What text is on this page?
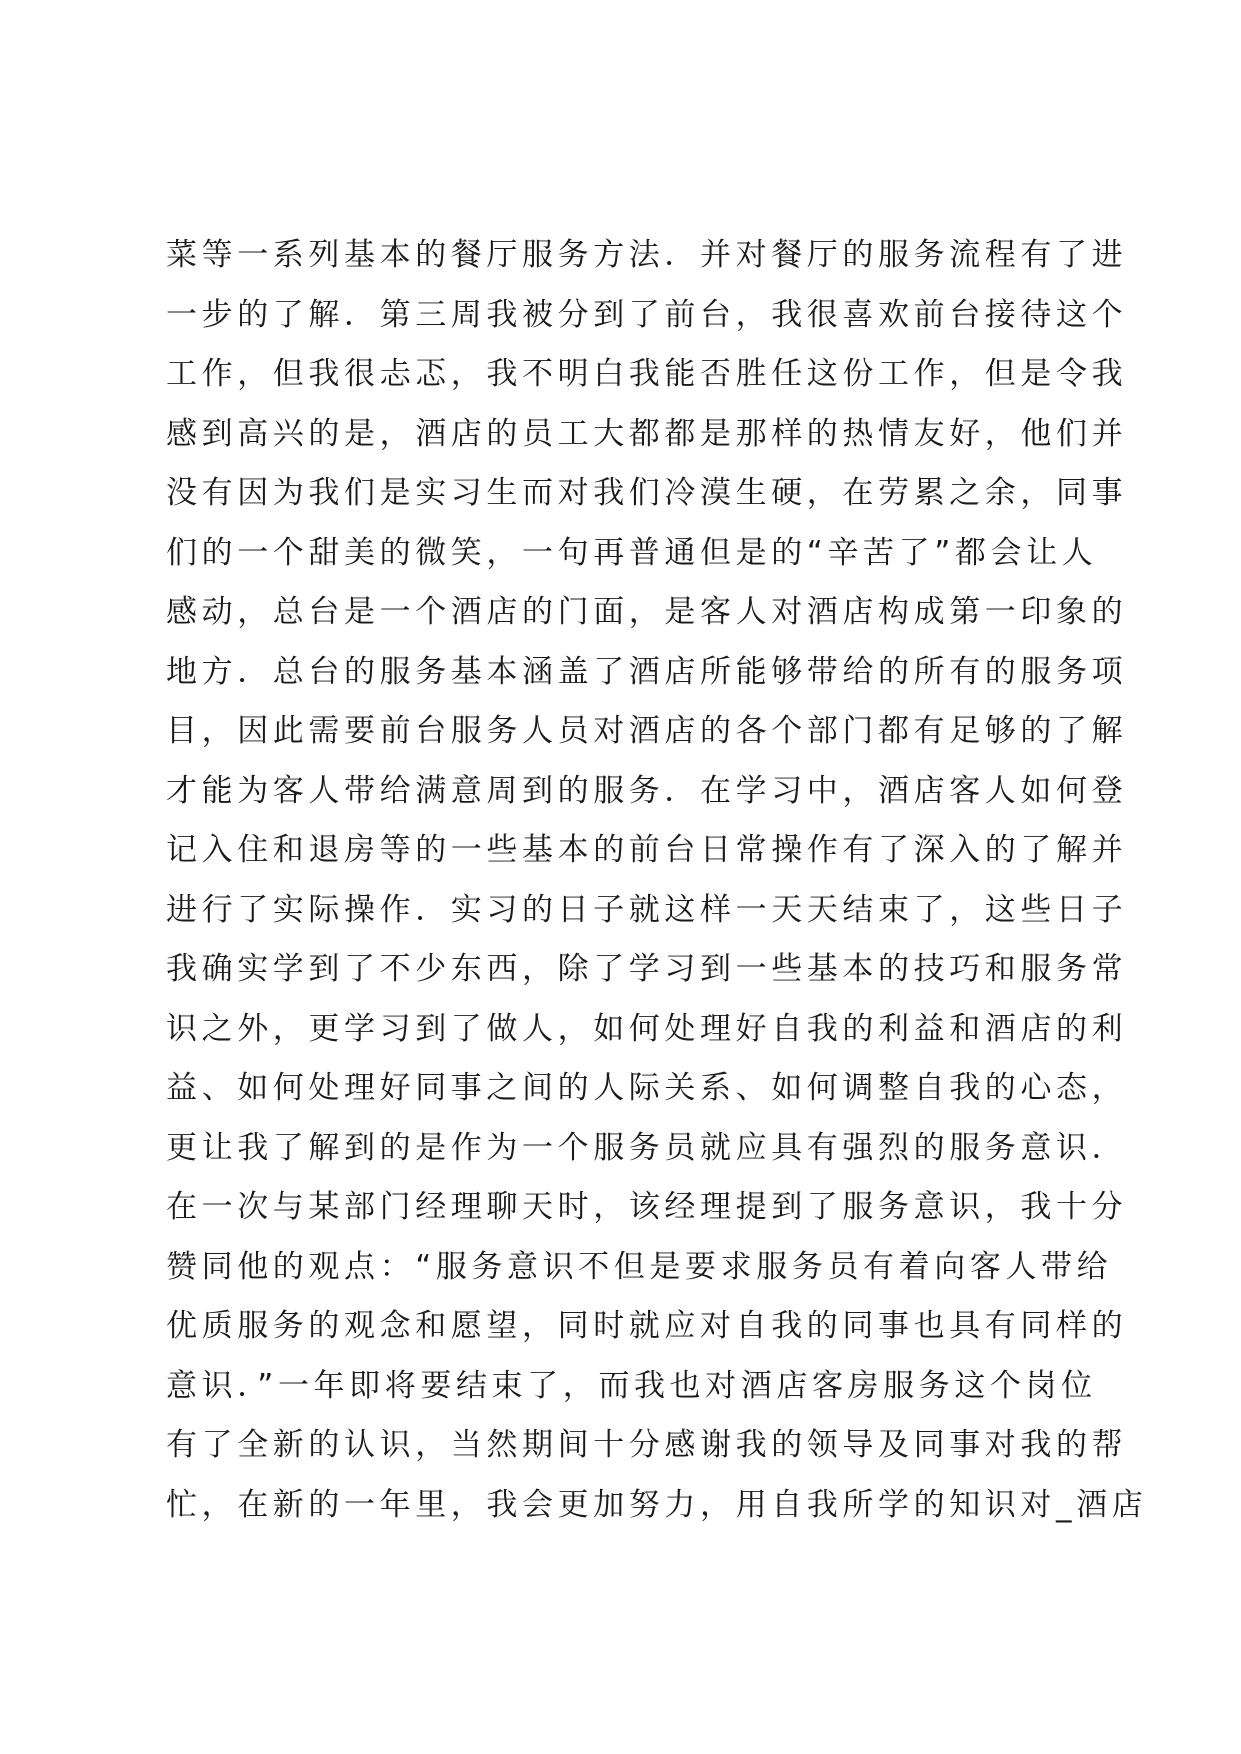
菜等一系列基本的餐厅服务方法．并对餐厅的服务流程有了进
一步的了解．第三周我被分到了前台，我很喜欢前台接待这个
工作，但我很忐忑，我不明白我能否胜任这份工作，但是令我
感到高兴的是，酒店的员工大都都是那样的热情友好，他们并
没有因为我们是实习生而对我们冷漠生硬，在劳累之余，同事
们的一个甜美的微笑，一句再普通但是的“辛苦了”都会让人
感动，总台是一个酒店的门面，是客人对酒店构成第一印象的
地方．总台的服务基本涵盖了酒店所能够带给的所有的服务项
目，因此需要前台服务人员对酒店的各个部门都有足够的了解
才能为客人带给满意周到的服务．在学习中，酒店客人如何登
记入住和退房等的一些基本的前台日常操作有了深入的了解并
进行了实际操作．实习的日子就这样一天天结束了，这些日子
我确实学到了不少东西，除了学习到一些基本的技巧和服务常
识之外，更学习到了做人，如何处理好自我的利益和酒店的利
益、如何处理好同事之间的人际关系、如何调整自我的心态，
更让我了解到的是作为一个服务员就应具有强烈的服务意识．
在一次与某部门经理聊天时，该经理提到了服务意识，我十分
赞同他的观点：“服务意识不但是要求服务员有着向客人带给
优质服务的观念和愿望，同时就应对自我的同事也具有同样的
意识．”一年即将要结束了，而我也对酒店客房服务这个岗位
有了全新的认识，当然期间十分感谢我的领导及同事对我的帮
忙，在新的一年里，我会更加努力，用自我所学的知识对_酒店
